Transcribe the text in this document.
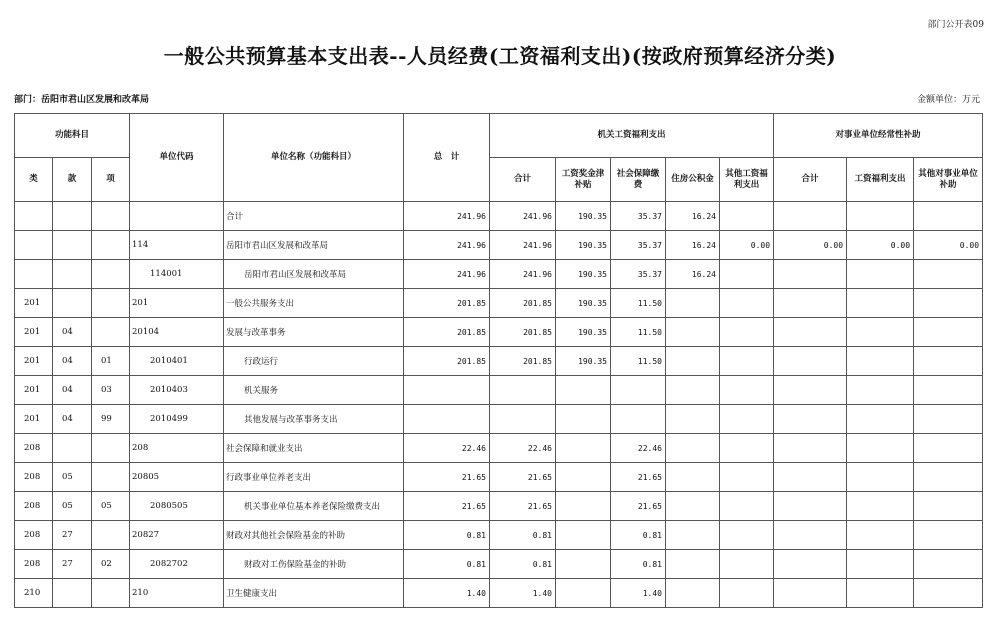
部门公开表09
一般公共预算基本支出表--人员经费(工资福利支出)(按政府预算经济分类)
部门：岳阳市君山区发展和改革局	金额单位：万元
功能科目			单位代码	单位名称（功能科目）	总　计	机关工资福利支出					对事业单位经常性补助		
类	款	项				合计	工资奖金津补贴	社会保障缴费	住房公积金	其他工资福利支出	合计	工资福利支出	其他对事业单位补助
				合计	241.96	241.96	190.35	35.37	16.24				
			114	岳阳市君山区发展和改革局	241.96	241.96	190.35	35.37	16.24	0.00	0.00	0.00	0.00
			114001	岳阳市君山区发展和改革局	241.96	241.96	190.35	35.37	16.24				
201			201	一般公共服务支出	201.85	201.85	190.35	11.50					
201	04		20104	发展与改革事务	201.85	201.85	190.35	11.50					
201	04	01	2010401	行政运行	201.85	201.85	190.35	11.50					
201	04	03	2010403	机关服务									
201	04	99	2010499	其他发展与改革事务支出									
208			208	社会保障和就业支出	22.46	22.46		22.46					
208	05		20805	行政事业单位养老支出	21.65	21.65		21.65					
208	05	05	2080505	机关事业单位基本养老保险缴费支出	21.65	21.65		21.65					
208	27		20827	财政对其他社会保险基金的补助	0.81	0.81		0.81					
208	27	02	2082702	财政对工伤保险基金的补助	0.81	0.81		0.81					
210			210	卫生健康支出	1.40	1.40		1.40					
